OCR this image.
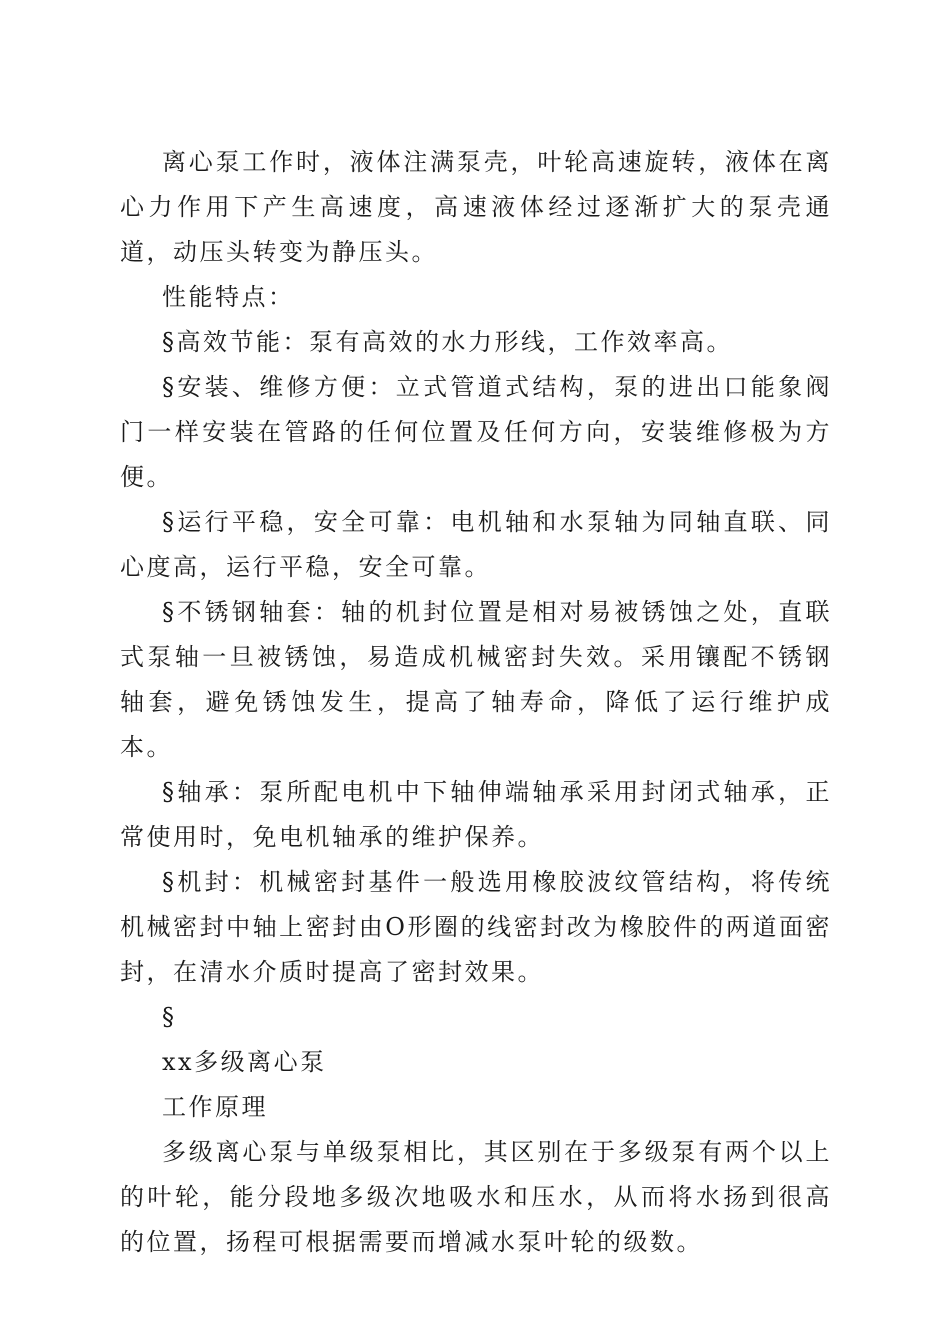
离心泵工作时，液体注满泵壳，叶轮高速旋转，液体在离心力作用下产生高速度，高速液体经过逐渐扩大的泵壳通道，动压头转变为静压头。

性能特点：

§高效节能：泵有高效的水力形线，工作效率高。

§安装、维修方便：立式管道式结构，泵的进出口能象阀门一样安装在管路的任何位置及任何方向，安装维修极为方便。

§运行平稳，安全可靠：电机轴和水泵轴为同轴直联、同心度高，运行平稳，安全可靠。

§不锈钢轴套：轴的机封位置是相对易被锈蚀之处，直联式泵轴一旦被锈蚀，易造成机械密封失效。采用镶配不锈钢轴套，避免锈蚀发生，提高了轴寿命，降低了运行维护成本。

§轴承：泵所配电机中下轴伸端轴承采用封闭式轴承，正常使用时，免电机轴承的维护保养。

§机封：机械密封基件一般选用橡胶波纹管结构，将传统机械密封中轴上密封由O形圈的线密封改为橡胶件的两道面密封，在清水介质时提高了密封效果。

§

xx多级离心泵

工作原理

多级离心泵与单级泵相比，其区别在于多级泵有两个以上的叶轮，能分段地多级次地吸水和压水，从而将水扬到很高的位置，扬程可根据需要而增减水泵叶轮的级数。
